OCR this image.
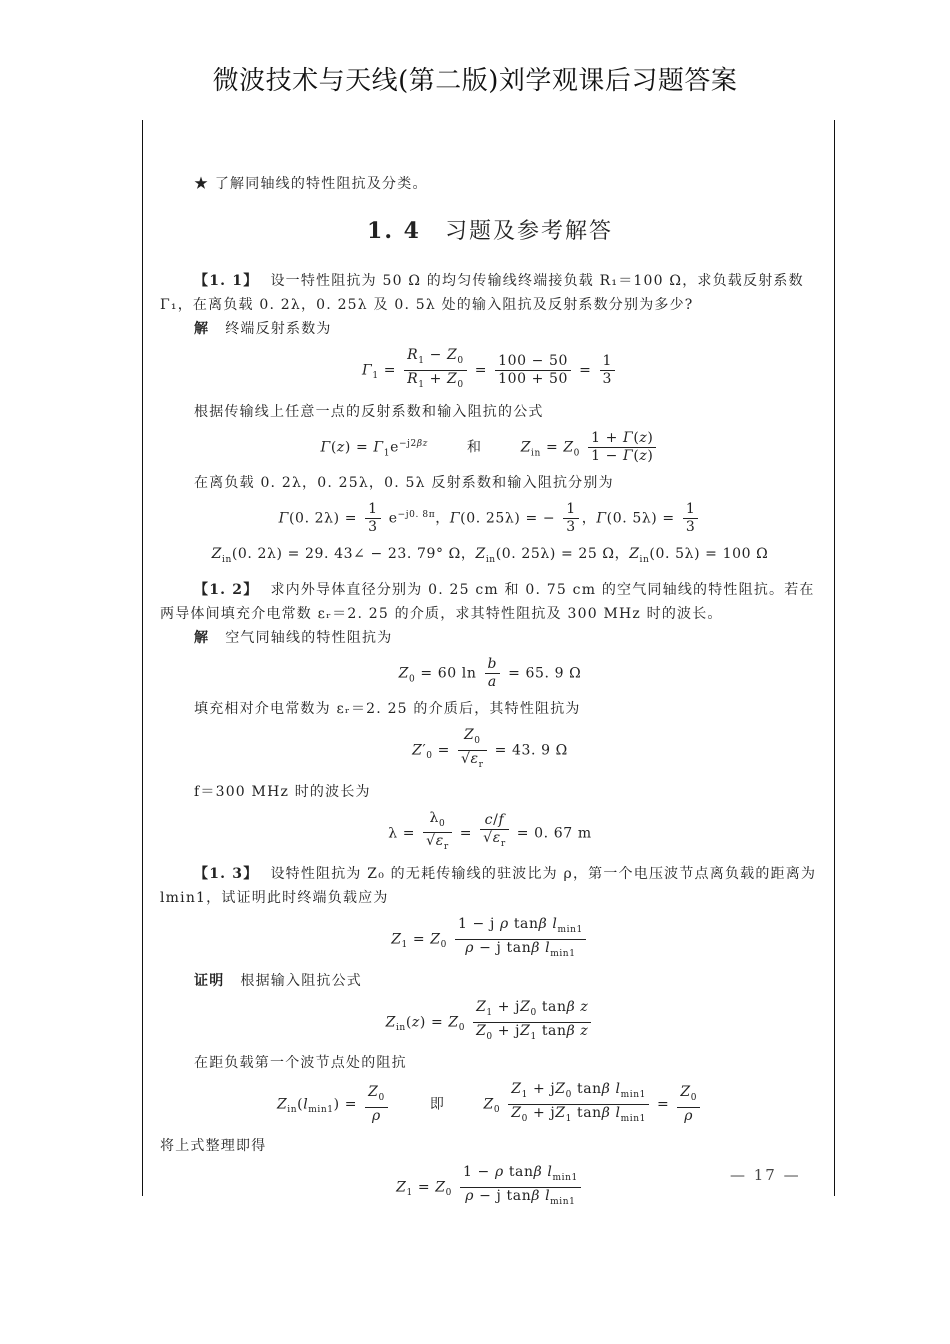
微波技术与天线(第二版)刘学观课后习题答案

★ 了解同轴线的特性阻抗及分类。

1. 4 习题及参考解答

【1. 1】 设一特性阻抗为 50 Ω 的均匀传输线终端接负载 R₁＝100 Ω，求负载反射系数 Γ₁，在离负载 0. 2λ，0. 25λ 及 0. 5λ 处的输入阻抗及反射系数分别为多少?

解 终端反射系数为

$\Gamma_1 = \frac{R_1 - Z_0}{R_1 + Z_0} = \frac{100 - 50}{100 + 50} = \frac{1}{3}$

根据传输线上任意一点的反射系数和输入阻抗的公式

$\Gamma(z) = \Gamma_1e^{-j2\beta z}$	和	$Z_{in} = Z_0 \frac{1 + \Gamma(z)}{1 - \Gamma(z)}$

在离负载 0. 2λ，0. 25λ，0. 5λ 反射系数和输入阻抗分别为

Γ(0. $2\lambda) = \frac{1}{3} e^{-j0. 8\pi}$，Γ(0. 25λ) = − $\frac{1}{3}$ ，Γ(0. $5\lambda) = \frac{1}{3}$
$Z_{in}(0$. 2λ) = 29. 43∠ − 23. 79° Ω，$Z_{in}(0$. 25λ) = 25 Ω，$Z_{in}(0$. 5λ) = 100 Ω

【1. 2】 求内外导体直径分别为 0. 25 cm 和 0. 75 cm 的空气同轴线的特性阻抗。若在两导体间填充介电常数 εᵣ＝2. 25 的介质，求其特性阻抗及 300 MHz 时的波长。

解 空气同轴线的特性阻抗为

$Z_0 = 60$ $\ln \frac{b}{a} = 65$. 9 Ω

填充相对介电常数为 εᵣ＝2. 25 的介质后，其特性阻抗为

$Z'_0 = \frac{Z_0}{√\varepsilon_r} = 43$. 9 Ω

f＝300 MHz 时的波长为

$\lambda = \frac{\lambda_0}{√\varepsilon_r} = \frac{c/f}{√\varepsilon_r} = 0$. 67 m

【1. 3】 设特性阻抗为 Z₀ 的无耗传输线的驻波比为 ρ，第一个电压波节点离负载的距离为 lmin1，试证明此时终端负载应为

$Z_1 = Z_0 \frac{1 - j \rho \tan\beta l_{min1}}{\rho - j \tan\beta l_{min1}}$

证明 根据输入阻抗公式

$Z_{in}(z) = Z_0 \frac{Z_1 + jZ_0 \tan\beta z}{Z_0 + jZ_1 \tan\beta z}$

在距负载第一个波节点处的阻抗

$Z_{in}(l_{min1}) = \frac{Z_0}{\rho}$	即	$Z_0 \frac{Z_1 + jZ_0 \tan\beta l_{min1}}{Z_0 + jZ_1 \tan\beta l_{min1}} = \frac{Z_0}{\rho}$

将上式整理即得

$Z_1 = Z_0 \frac{1 - \rho \tan\beta l_{min1}}{\rho - j \tan\beta l_{min1}}$	— 17 —
